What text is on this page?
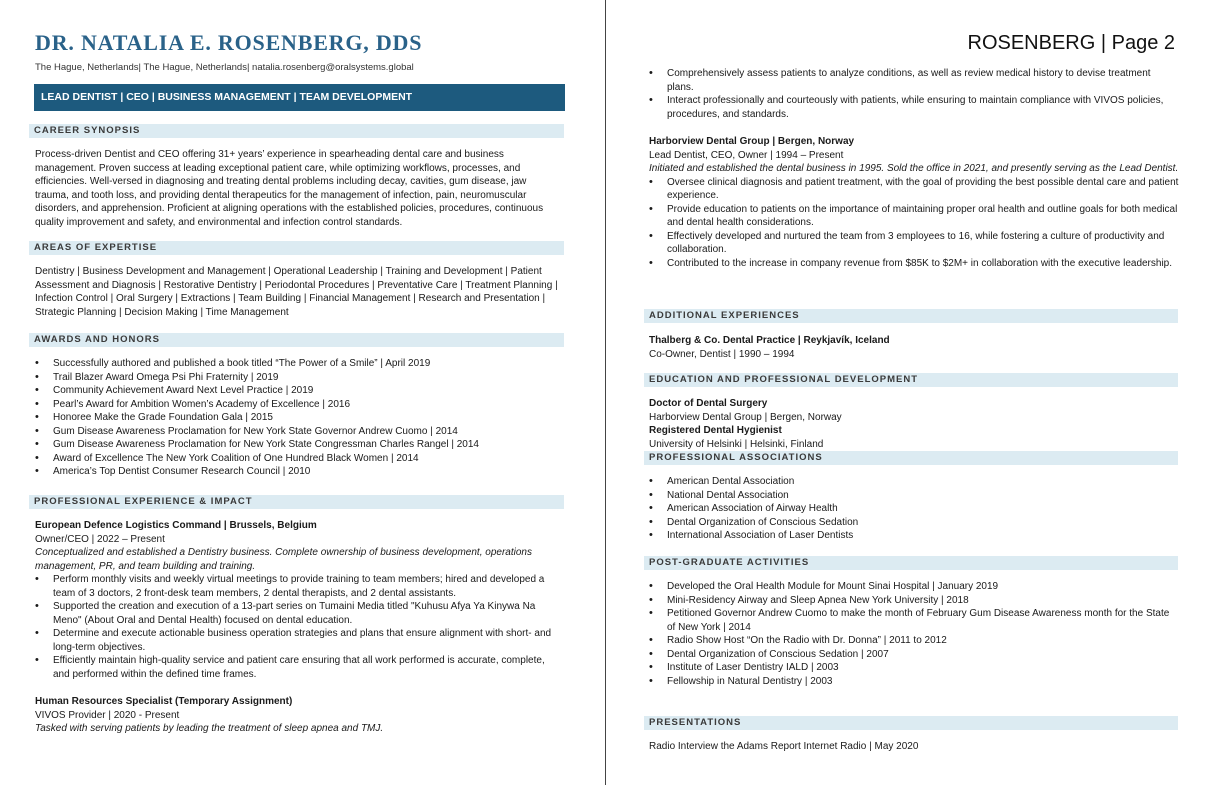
DR. NATALIA E. ROSENBERG, DDS
The Hague, Netherlands| The Hague, Netherlands| natalia.rosenberg@oralsystems.global
LEAD DENTIST | CEO | BUSINESS MANAGEMENT | TEAM DEVELOPMENT
CAREER SYNOPSIS
Process-driven Dentist and CEO offering 31+ years’ experience in spearheading dental care and business management. Proven success at leading exceptional patient care, while optimizing workflows, processes, and efficiencies. Well-versed in diagnosing and treating dental problems including decay, cavities, gum disease, jaw trauma, and tooth loss, and providing dental therapeutics for the management of infection, pain, neuromuscular disorders, and apprehension. Proficient at aligning operations with the established policies, procedures, continuous quality improvement and safety, and environmental and infection control standards.
AREAS OF EXPERTISE
Dentistry | Business Development and Management | Operational Leadership | Training and Development | Patient Assessment and Diagnosis | Restorative Dentistry | Periodontal Procedures | Preventative Care | Treatment Planning | Infection Control | Oral Surgery | Extractions | Team Building | Financial Management | Research and Presentation | Strategic Planning | Decision Making | Time Management
AWARDS AND HONORS
• Successfully authored and published a book titled “The Power of a Smile” | April 2019
• Trail Blazer Award Omega Psi Phi Fraternity | 2019
• Community Achievement Award Next Level Practice | 2019
• Pearl’s Award for Ambition Women’s Academy of Excellence | 2016
• Honoree Make the Grade Foundation Gala | 2015
• Gum Disease Awareness Proclamation for New York State Governor Andrew Cuomo | 2014
• Gum Disease Awareness Proclamation for New York State Congressman Charles Rangel | 2014
• Award of Excellence The New York Coalition of One Hundred Black Women | 2014
• America’s Top Dentist Consumer Research Council | 2010
PROFESSIONAL EXPERIENCE & IMPACT
European Defence Logistics Command | Brussels, Belgium
Owner/CEO | 2022 – Present
Conceptualized and established a Dentistry business. Complete ownership of business development, operations management, PR, and team building and training.
• Perform monthly visits and weekly virtual meetings to provide training to team members; hired and developed a team of 3 doctors, 2 front-desk team members, 2 dental therapists, and 2 dental assistants.
• Supported the creation and execution of a 13-part series on Tumaini Media titled "Kuhusu Afya Ya Kinywa Na Meno" (About Oral and Dental Health) focused on dental education.
• Determine and execute actionable business operation strategies and plans that ensure alignment with short- and long-term objectives.
• Efficiently maintain high-quality service and patient care ensuring that all work performed is accurate, complete, and performed within the defined time frames.
Human Resources Specialist (Temporary Assignment)
VIVOS Provider | 2020 - Present
Tasked with serving patients by leading the treatment of sleep apnea and TMJ.
ROSENBERG | Page 2
• Comprehensively assess patients to analyze conditions, as well as review medical history to devise treatment plans.
• Interact professionally and courteously with patients, while ensuring to maintain compliance with VIVOS policies, procedures, and standards.
Harborview Dental Group | Bergen, Norway
Lead Dentist, CEO, Owner | 1994 – Present
Initiated and established the dental business in 1995. Sold the office in 2021, and presently serving as the Lead Dentist.
• Oversee clinical diagnosis and patient treatment, with the goal of providing the best possible dental care and patient experience.
• Provide education to patients on the importance of maintaining proper oral health and outline goals for both medical and dental health considerations.
• Effectively developed and nurtured the team from 3 employees to 16, while fostering a culture of productivity and collaboration.
• Contributed to the increase in company revenue from $85K to $2M+ in collaboration with the executive leadership.
ADDITIONAL EXPERIENCES
Thalberg & Co. Dental Practice | Reykjavík, Iceland
Co-Owner, Dentist | 1990 – 1994
EDUCATION AND PROFESSIONAL DEVELOPMENT
Doctor of Dental Surgery
Harborview Dental Group | Bergen, Norway
Registered Dental Hygienist
University of Helsinki | Helsinki, Finland
PROFESSIONAL ASSOCIATIONS
• American Dental Association
• National Dental Association
• American Association of Airway Health
• Dental Organization of Conscious Sedation
• International Association of Laser Dentists
POST-GRADUATE ACTIVITIES
• Developed the Oral Health Module for Mount Sinai Hospital | January 2019
• Mini-Residency Airway and Sleep Apnea New York University | 2018
• Petitioned Governor Andrew Cuomo to make the month of February Gum Disease Awareness month for the State of New York | 2014
• Radio Show Host “On the Radio with Dr. Donna” | 2011 to 2012
• Dental Organization of Conscious Sedation | 2007
• Institute of Laser Dentistry IALD | 2003
• Fellowship in Natural Dentistry | 2003
PRESENTATIONS
Radio Interview the Adams Report Internet Radio | May 2020
